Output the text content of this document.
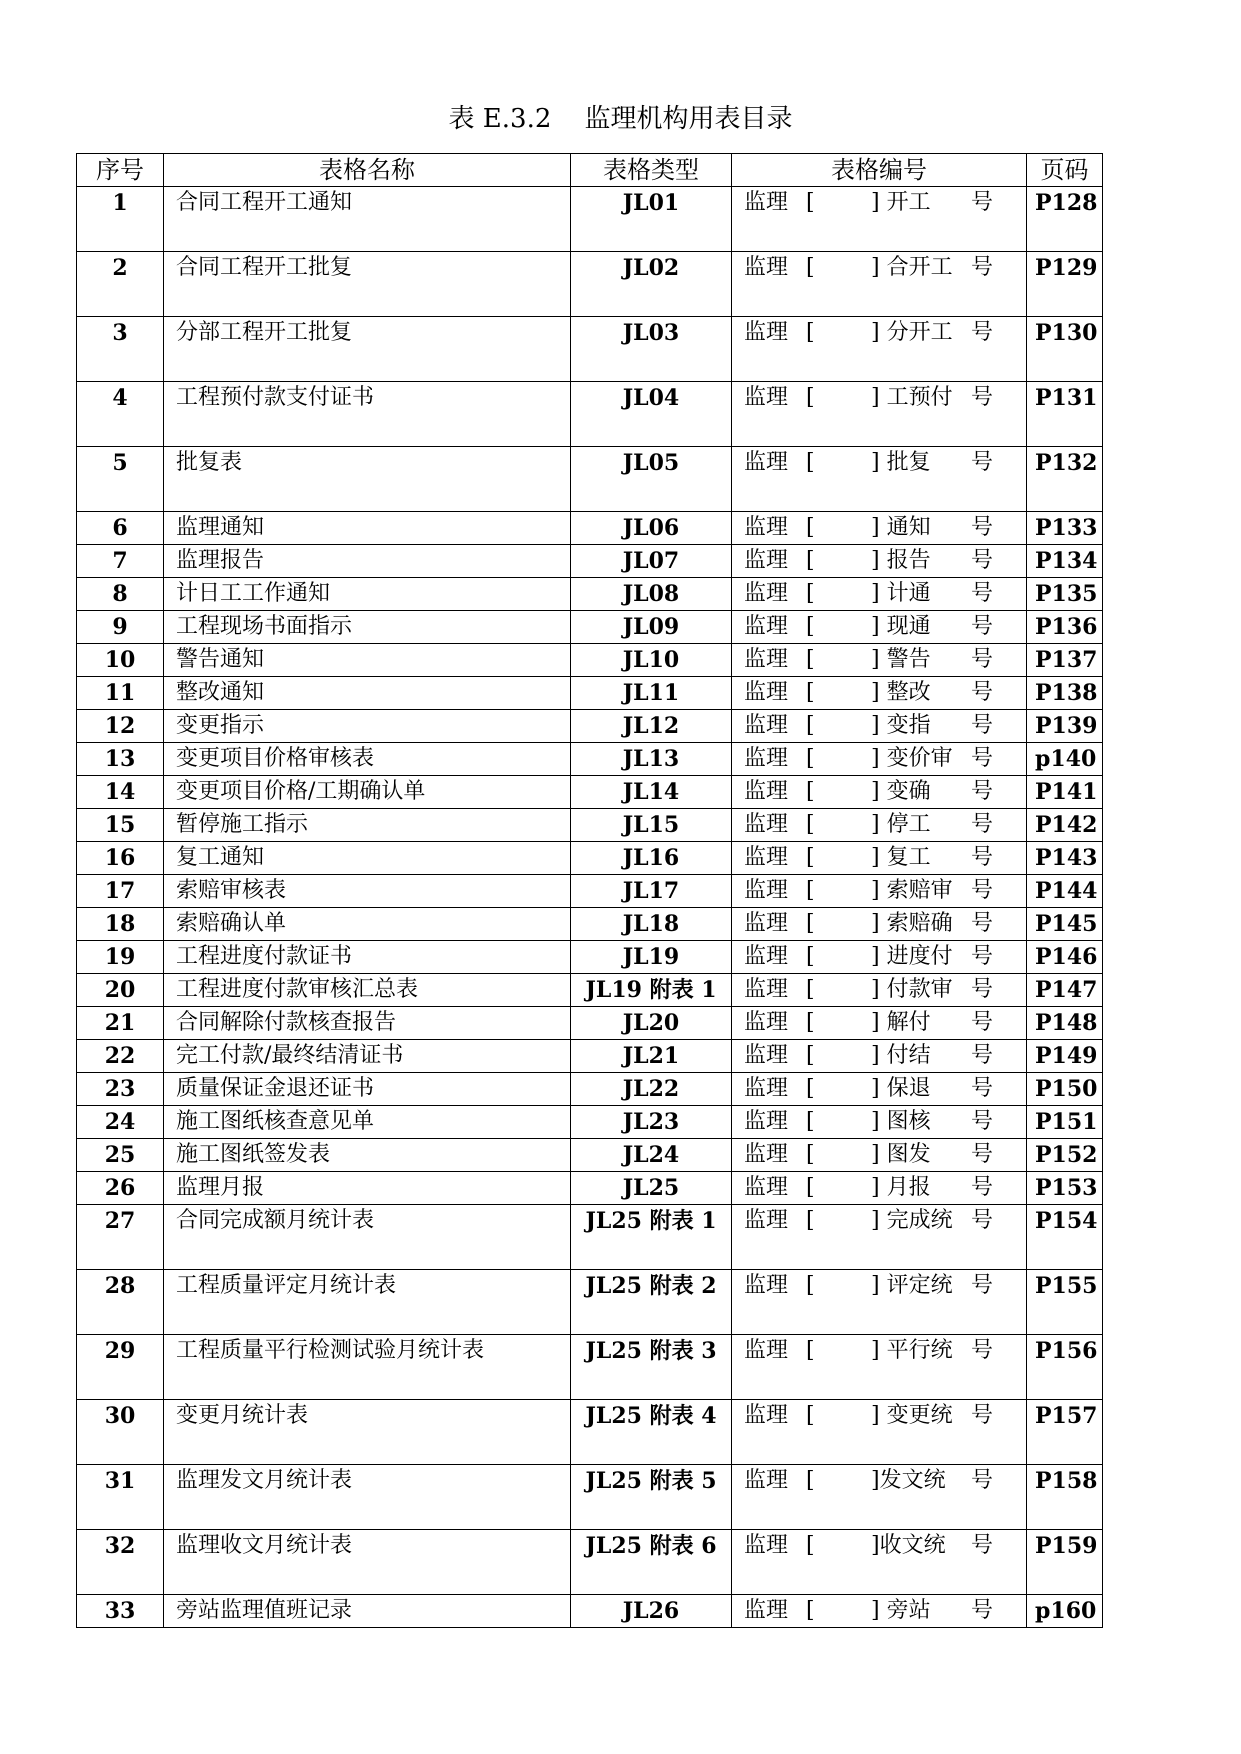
表 E.3.2    监理机构用表目录
序号	表格名称	表格类型	表格编号	页码
1	合同工程开工通知	JL01	监理 [ ] 开工 号	P128
2	合同工程开工批复	JL02	监理 [ ] 合开工 号	P129
3	分部工程开工批复	JL03	监理 [ ] 分开工 号	P130
4	工程预付款支付证书	JL04	监理 [ ] 工预付 号	P131
5	批复表	JL05	监理 [ ] 批复 号	P132
6	监理通知	JL06	监理 [ ] 通知 号	P133
7	监理报告	JL07	监理 [ ] 报告 号	P134
8	计日工工作通知	JL08	监理 [ ] 计通 号	P135
9	工程现场书面指示	JL09	监理 [ ] 现通 号	P136
10	警告通知	JL10	监理 [ ] 警告 号	P137
11	整改通知	JL11	监理 [ ] 整改 号	P138
12	变更指示	JL12	监理 [ ] 变指 号	P139
13	变更项目价格审核表	JL13	监理 [ ] 变价审 号	p140
14	变更项目价格/工期确认单	JL14	监理 [ ] 变确 号	P141
15	暂停施工指示	JL15	监理 [ ] 停工 号	P142
16	复工通知	JL16	监理 [ ] 复工 号	P143
17	索赔审核表	JL17	监理 [ ] 索赔审 号	P144
18	索赔确认单	JL18	监理 [ ] 索赔确 号	P145
19	工程进度付款证书	JL19	监理 [ ] 进度付 号	P146
20	工程进度付款审核汇总表	JL19 附表 1	监理 [ ] 付款审 号	P147
21	合同解除付款核查报告	JL20	监理 [ ] 解付 号	P148
22	完工付款/最终结清证书	JL21	监理 [ ] 付结 号	P149
23	质量保证金退还证书	JL22	监理 [ ] 保退 号	P150
24	施工图纸核查意见单	JL23	监理 [ ] 图核 号	P151
25	施工图纸签发表	JL24	监理 [ ] 图发 号	P152
26	监理月报	JL25	监理 [ ] 月报 号	P153
27	合同完成额月统计表	JL25 附表 1	监理 [ ] 完成统 号	P154
28	工程质量评定月统计表	JL25 附表 2	监理 [ ] 评定统 号	P155
29	工程质量平行检测试验月统计表	JL25 附表 3	监理 [ ] 平行统 号	P156
30	变更月统计表	JL25 附表 4	监理 [ ] 变更统 号	P157
31	监理发文月统计表	JL25 附表 5	监理 [ ]发文统 号	P158
32	监理收文月统计表	JL25 附表 6	监理 [ ]收文统 号	P159
33	旁站监理值班记录	JL26	监理 [ ] 旁站 号	p160
